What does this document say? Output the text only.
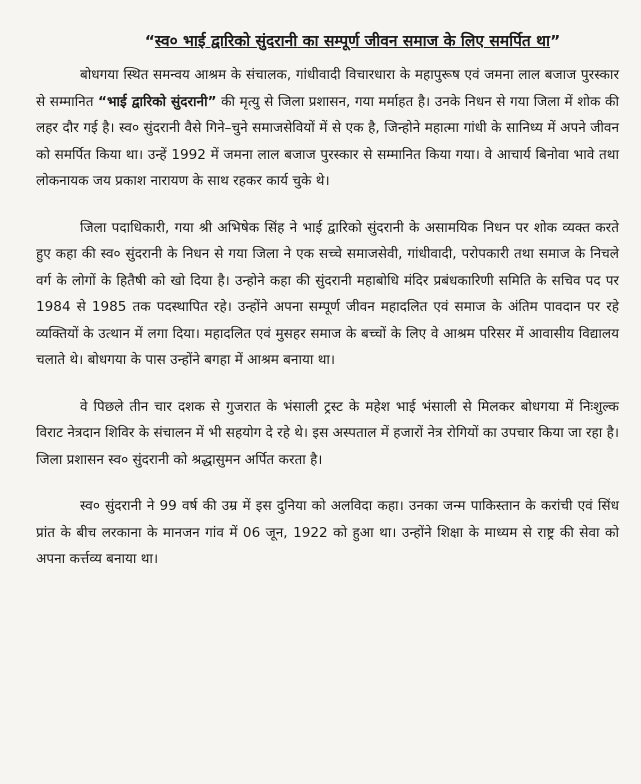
“स्व० भाई द्वारिको सुंदरानी का सम्पूर्ण जीवन समाज के लिए समर्पित था”

बोधगया स्थित समन्वय आश्रम के संचालक, गांधीवादी विचारधारा के महापुरूष एवं जमना लाल बजाज पुरस्कार से सम्मानित “भाई द्वारिको सुंदरानी” की मृत्यु से जिला प्रशासन, गया मर्माहत है। उनके निधन से गया जिला में शोक की लहर दौर गई है। स्व० सुंदरानी वैसे गिने–चुने समाजसेवियों में से एक है, जिन्होने महात्मा गांधी के सानिध्य में अपने जीवन को समर्पित किया था। उन्हें 1992 में जमना लाल बजाज पुरस्कार से सम्मानित किया गया। वे आचार्य बिनोवा भावे तथा लोकनायक जय प्रकाश नारायण के साथ रहकर कार्य चुके थे।

जिला पदाधिकारी, गया श्री अभिषेक सिंह ने भाई द्वारिको सुंदरानी के असामयिक निधन पर शोक व्यक्त करते हुए कहा की स्व० सुंदरानी के निधन से गया जिला ने एक सच्चे समाजसेवी, गांधीवादी, परोपकारी तथा समाज के निचले वर्ग के लोगों के हितैषी को खो दिया है। उन्होने कहा की सुंदरानी महाबोधि मंदिर प्रबंधकारिणी समिति के सचिव पद पर 1984 से 1985 तक पदस्थापित रहे। उन्होंने अपना सम्पूर्ण जीवन महादलित एवं समाज के अंतिम पावदान पर रहे व्यक्तियों के उत्थान में लगा दिया। महादलित एवं मुसहर समाज के बच्चों के लिए वे आश्रम परिसर में आवासीय विद्यालय चलाते थे। बोधगया के पास उन्होंने बगहा में आश्रम बनाया था।

वे पिछले तीन चार दशक से गुजरात के भंसाली ट्रस्ट के महेश भाई भंसाली से मिलकर बोधगया में निःशुल्क विराट नेत्रदान शिविर के संचालन में भी सहयोग दे रहे थे। इस अस्पताल में हजारों नेत्र रोगियों का उपचार किया जा रहा है। जिला प्रशासन स्व० सुंदरानी को श्रद्धासुमन अर्पित करता है।

स्व० सुंदरानी ने 99 वर्ष की उम्र में इस दुनिया को अलविदा कहा। उनका जन्म पाकिस्तान के करांची एवं सिंध प्रांत के बीच लरकाना के मानजन गांव में 06 जून, 1922 को हुआ था। उन्होंने शिक्षा के माध्यम से राष्ट्र की सेवा को अपना कर्त्तव्य बनाया था।
